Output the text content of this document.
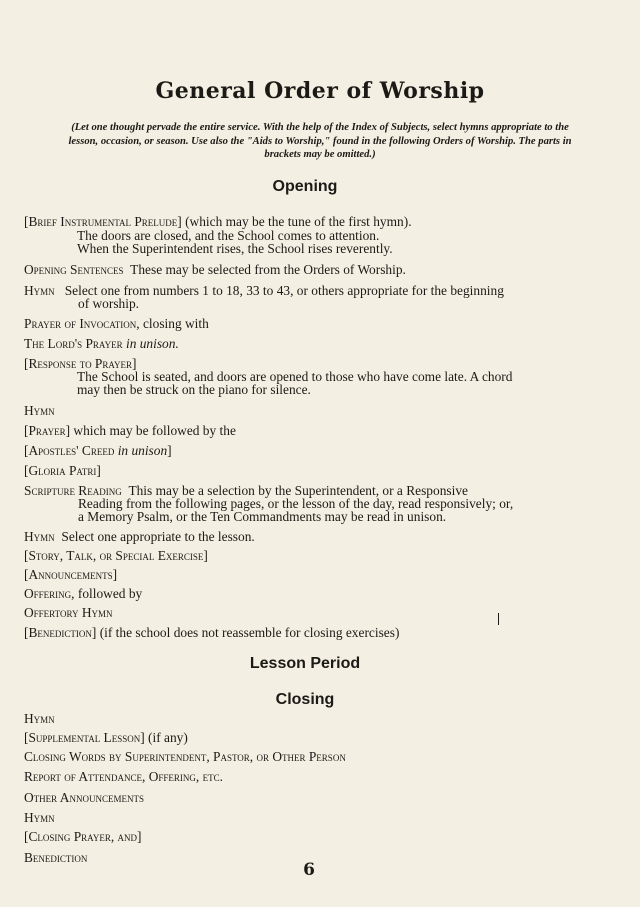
General Order of Worship
(Let one thought pervade the entire service. With the help of the Index of Subjects, select hymns appropriate to the lesson, occasion, or season. Use also the "Aids to Worship," found in the following Orders of Worship. The parts in brackets may be omitted.)
Opening
[Brief Instrumental Prelude] (which may be the tune of the first hymn).
The doors are closed, and the School comes to attention.
When the Superintendent rises, the School rises reverently.
Opening Sentences These may be selected from the Orders of Worship.
Hymn Select one from numbers 1 to 18, 33 to 43, or others appropriate for the beginning
of worship.
Prayer of Invocation, closing with
The Lord's Prayer in unison.
[Response to Prayer]
The School is seated, and doors are opened to those who have come late. A chord
may then be struck on the piano for silence.
Hymn
[Prayer] which may be followed by the
[Apostles' Creed in unison]
[Gloria Patri]
Scripture Reading This may be a selection by the Superintendent, or a Responsive
Reading from the following pages, or the lesson of the day, read responsively; or,
a Memory Psalm, or the Ten Commandments may be read in unison.
Hymn Select one appropriate to the lesson.
[Story, Talk, or Special Exercise]
[Announcements]
Offering, followed by
Offertory Hymn
[Benediction] (if the school does not reassemble for closing exercises)
Lesson Period
Closing
Hymn
[Supplemental Lesson] (if any)
Closing Words by Superintendent, Pastor, or Other Person
Report of Attendance, Offering, etc.
Other Announcements
Hymn
[Closing Prayer, and]
Benediction
6
